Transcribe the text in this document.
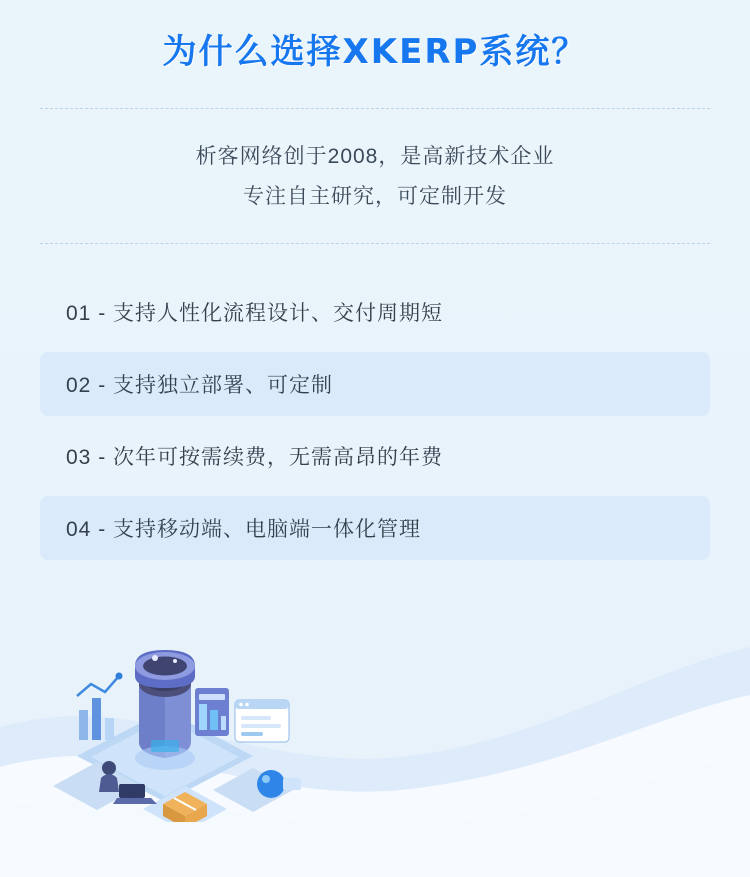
为什么选择XKERP系统？

析客网络创于2008，是高新技术企业

专注自主研究，可定制开发

01 - 支持人性化流程设计、交付周期短
02 - 支持独立部署、可定制
03 - 次年可按需续费，无需高昂的年费
04 - 支持移动端、电脑端一体化管理
